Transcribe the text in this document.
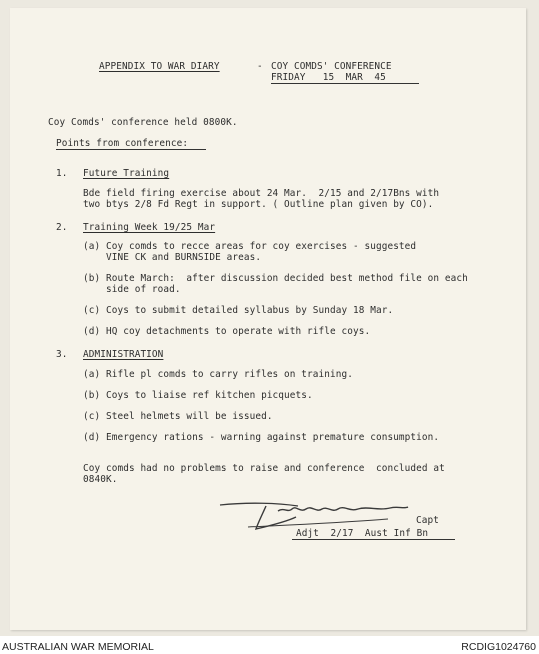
APPENDIX TO WAR DIARY	- COY COMDS' CONFERENCE

FRIDAY   15  MAR  45

Coy Comds' conference held 0800K.

Points from conference:

1. Future Training

Bde field firing exercise about 24 Mar.  2/15 and 2/17Bns with

two btys 2/8 Fd Regt in support. ( Outline plan given by CO).

2. Training Week 19/25 Mar

(a) Coy comds to recce areas for coy exercises - suggested

VINE CK and BURNSIDE areas.

(b) Route March:  after discussion decided best method file on each

side of road.

(c) Coys to submit detailed syllabus by Sunday 18 Mar.

(d) HQ coy detachments to operate with rifle coys.

3. ADMINISTRATION

(a) Rifle pl comds to carry rifles on training.

(b) Coys to liaise ref kitchen picquets.

(c) Steel helmets will be issued.

(d) Emergency rations - warning against premature consumption.

Coy comds had no problems to raise and conference  concluded at

0840K.

Capt

Adjt  2/17  Aust Inf Bn

AUSTRALIAN WAR MEMORIAL	RCDIG1024760
